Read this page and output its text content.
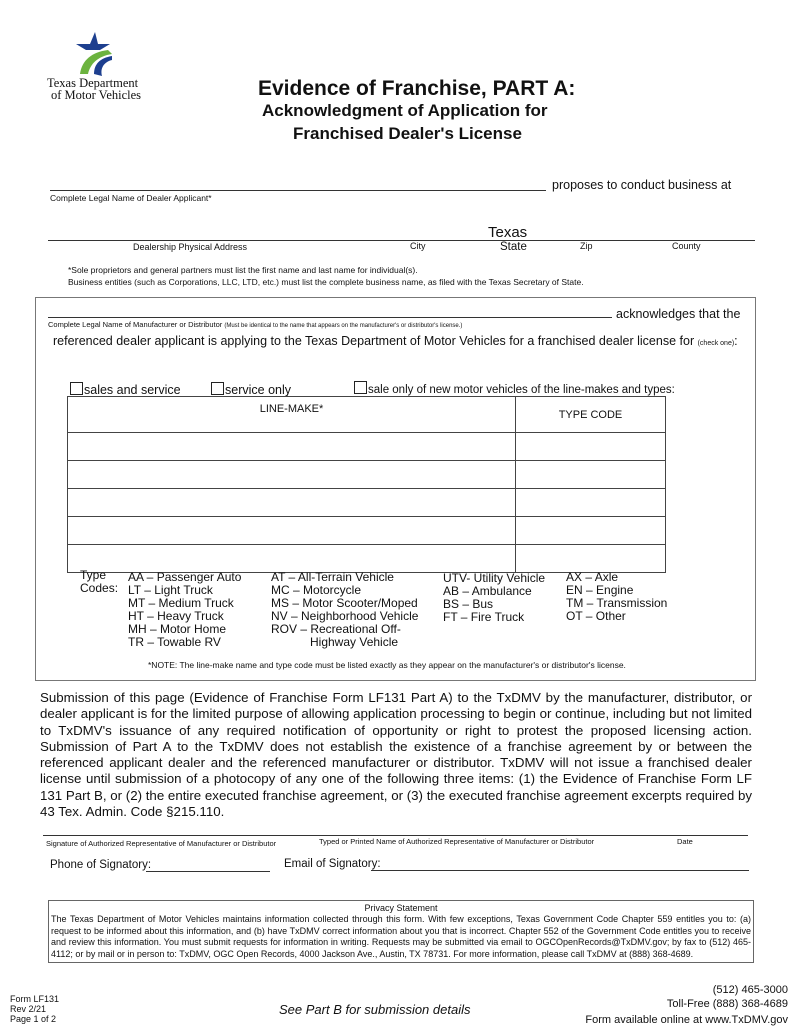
Texas Department
of Motor Vehicles	Evidence of Franchise, PART A:
Acknowledgment of Application for
Franchised Dealer's License
proposes to conduct business at
Complete Legal Name of Dealer Applicant*
Texas
Dealership Physical Address	City	State	Zip	County
*Sole proprietors and general partners must list the first name and last name for individual(s).
Business entities (such as Corporations, LLC, LTD, etc.) must list the complete business name, as filed with the Texas Secretary of State.
acknowledges that the
Complete Legal Name of Manufacturer or Distributor (Must be identical to the name that appears on the manufacturer's or distributor's license.)
referenced dealer applicant is applying to the Texas Department of Motor Vehicles for a franchised dealer license for (check one):
sales and service	service only	sale only of new motor vehicles of the line-makes and types:
LINE-MAKE*	TYPE CODE

Type
Codes:
AA – Passenger Auto
LT – Light Truck
MT – Medium Truck
HT – Heavy Truck
MH – Motor Home
TR – Towable RV
AT – All-Terrain Vehicle
MC – Motorcycle
MS – Motor Scooter/Moped
NV – Neighborhood Vehicle
ROV – Recreational Off-
Highway Vehicle
UTV- Utility Vehicle
AB – Ambulance
BS – Bus
FT – Fire Truck
AX – Axle
EN – Engine
TM – Transmission
OT – Other
*NOTE: The line-make name and type code must be listed exactly as they appear on the manufacturer's or distributor's license.
Submission of this page (Evidence of Franchise Form LF131 Part A) to the TxDMV by the manufacturer, distributor, or dealer applicant is for the limited purpose of allowing application processing to begin or continue, including but not limited to TxDMV's issuance of any required notification of opportunity or right to protest the proposed licensing action. Submission of Part A to the TxDMV does not establish the existence of a franchise agreement by or between the referenced applicant dealer and the referenced manufacturer or distributor. TxDMV will not issue a franchised dealer license until submission of a photocopy of any one of the following three items: (1) the Evidence of Franchise Form LF 131 Part B, or (2) the entire executed franchise agreement, or (3) the executed franchise agreement excerpts required by 43 Tex. Admin. Code §215.110.
Signature of Authorized Representative of Manufacturer or Distributor	Typed or Printed Name of Authorized Representative of Manufacturer or Distributor	Date
Phone of Signatory:	Email of Signatory:
Privacy Statement
The Texas Department of Motor Vehicles maintains information collected through this form. With few exceptions, Texas Government Code Chapter 559 entitles you to: (a) request to be informed about this information, and (b) have TxDMV correct information about you that is incorrect. Chapter 552 of the Government Code entitles you to receive and review this information. You must submit requests for information in writing. Requests may be submitted via email to OGCOpenRecords@TxDMV.gov; by fax to (512) 465-4112; or by mail or in person to: TxDMV, OGC Open Records, 4000 Jackson Ave., Austin, TX 78731. For more information, please call TxDMV at (888) 368-4689.
Form LF131
Rev 2/21
Page 1 of 2
See Part B for submission details
(512) 465-3000
Toll-Free (888) 368-4689
Form available online at www.TxDMV.gov
